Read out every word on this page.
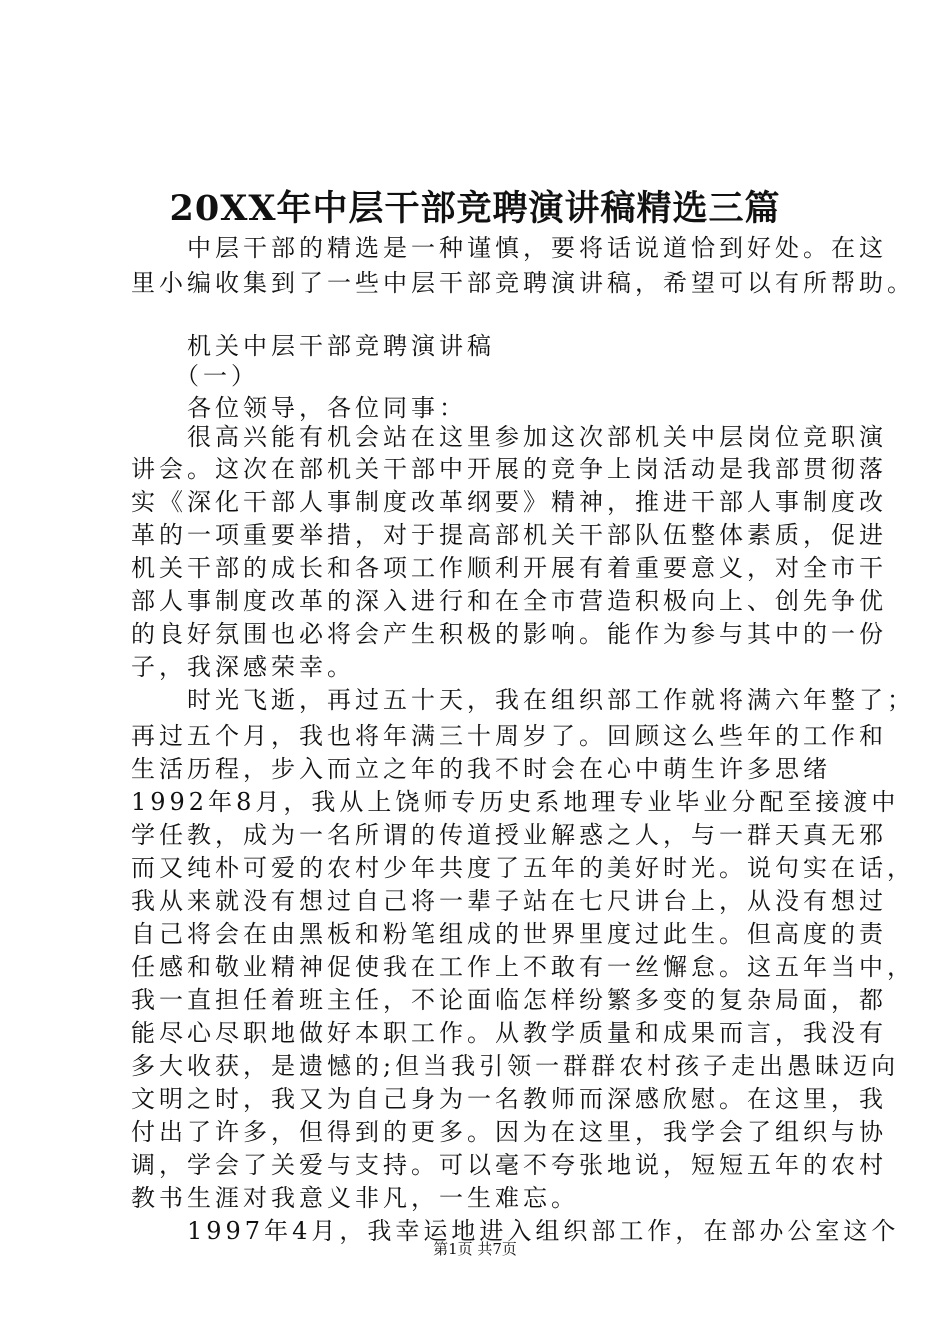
20XX年中层干部竞聘演讲稿精选三篇
　　中层干部的精选是一种谨慎，要将话说道恰到好处。在这
里小编收集到了一些中层干部竞聘演讲稿，希望可以有所帮助。
　　机关中层干部竞聘演讲稿
　　（一）
　　各位领导，各位同事：
　　很高兴能有机会站在这里参加这次部机关中层岗位竞职演
讲会。这次在部机关干部中开展的竞争上岗活动是我部贯彻落
实《深化干部人事制度改革纲要》精神，推进干部人事制度改
革的一项重要举措，对于提高部机关干部队伍整体素质，促进
机关干部的成长和各项工作顺利开展有着重要意义，对全市干
部人事制度改革的深入进行和在全市营造积极向上、创先争优
的良好氛围也必将会产生积极的影响。能作为参与其中的一份
子，我深感荣幸。
　　时光飞逝，再过五十天，我在组织部工作就将满六年整了；
再过五个月，我也将年满三十周岁了。回顾这么些年的工作和
生活历程，步入而立之年的我不时会在心中萌生许多思绪
1992年8月，我从上饶师专历史系地理专业毕业分配至接渡中
学任教，成为一名所谓的传道授业解惑之人，与一群天真无邪
而又纯朴可爱的农村少年共度了五年的美好时光。说句实在话，
我从来就没有想过自己将一辈子站在七尺讲台上，从没有想过
自己将会在由黑板和粉笔组成的世界里度过此生。但高度的责
任感和敬业精神促使我在工作上不敢有一丝懈怠。这五年当中，
我一直担任着班主任，不论面临怎样纷繁多变的复杂局面，都
能尽心尽职地做好本职工作。从教学质量和成果而言，我没有
多大收获，是遗憾的;但当我引领一群群农村孩子走出愚昧迈向
文明之时，我又为自己身为一名教师而深感欣慰。在这里，我
付出了许多，但得到的更多。因为在这里，我学会了组织与协
调，学会了关爱与支持。可以毫不夸张地说，短短五年的农村
教书生涯对我意义非凡，一生难忘。
　　1997年4月，我幸运地进入组织部工作，在部办公室这个
第1页 共7页
